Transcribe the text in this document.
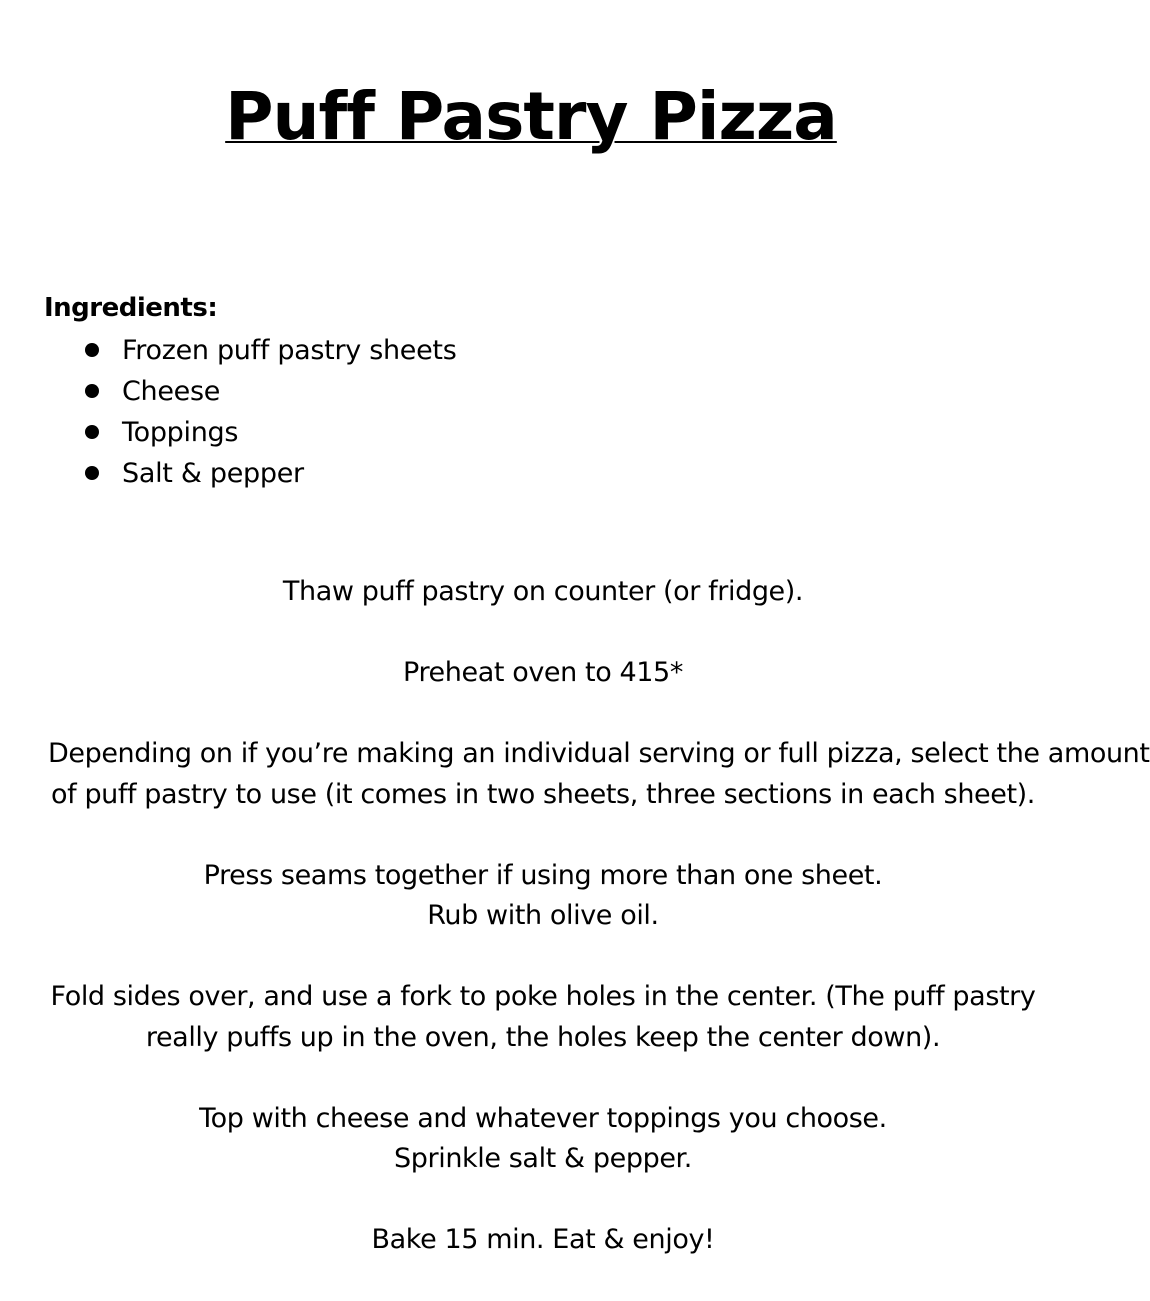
Puff Pastry Pizza
Ingredients:
Frozen puff pastry sheets
Cheese
Toppings
Salt & pepper

Thaw puff pastry on counter (or fridge).

Preheat oven to 415*

Depending on if you’re making an individual serving or full pizza, select the amount
of puff pastry to use (it comes in two sheets, three sections in each sheet).

Press seams together if using more than one sheet.
Rub with olive oil.

Fold sides over, and use a fork to poke holes in the center. (The puff pastry
really puffs up in the oven, the holes keep the center down).

Top with cheese and whatever toppings you choose.
Sprinkle salt & pepper.

Bake 15 min. Eat & enjoy!
